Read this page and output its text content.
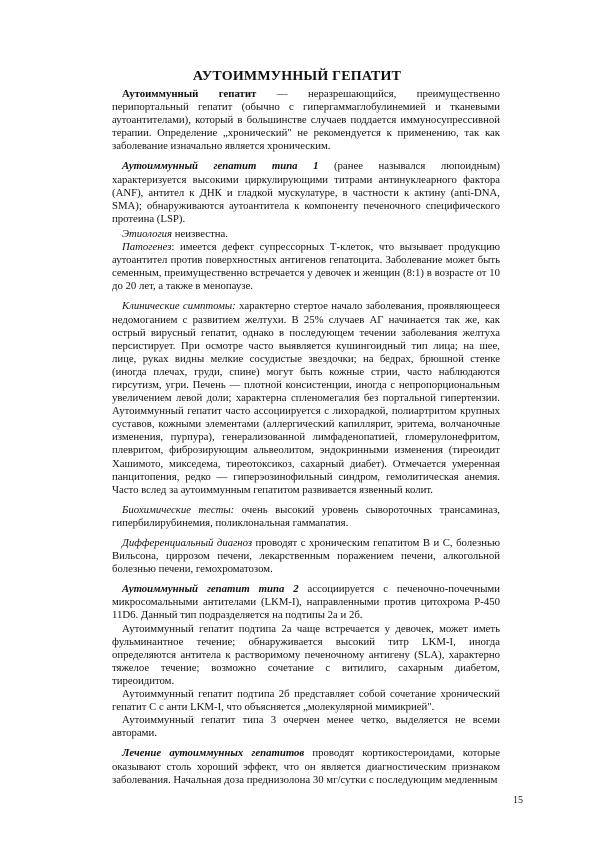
АУТОИММУННЫЙ ГЕПАТИТ

Аутоиммунный гепатит — неразрешающийся, преимущественно перипортальный гепатит (обычно с гипергаммаглобулинемией и тканевыми аутоантителами), который в большинстве случаев поддается иммуносупрессивной терапии. Определение „хронический" не рекомендуется к применению, так как заболевание изначально является хроническим.

Аутоиммунный гепатит типа 1 (ранее назывался люпоидным) характеризуется высокими циркулирующими титрами антинуклеарного фактора (ANF), антител к ДНК и гладкой мускулатуре, в частности к актину (anti-DNA, SMA); обнаруживаются аутоантитела к компоненту печеночного специфического протеина (LSP).

Этиология неизвестна.

Патогенез: имеется дефект супрессорных Т-клеток, что вызывает продукцию аутоантител против поверхностных антигенов гепатоцита. Заболевание может быть семенным, преимущественно встречается у девочек и женщин (8:1) в возрасте от 10 до 20 лет, а также в менопаузе.

Клинические симптомы: характерно стертое начало заболевания, проявляющееся недомоганием с развитием желтухи. В 25% случаев АГ начинается так же, как острый вирусный гепатит, однако в последующем течении заболевания желтуха персистирует. При осмотре часто выявляется кушингоидный тип лица; на шее, лице, руках видны мелкие сосудистые звездочки; на бедрах, брюшной стенке (иногда плечах, груди, спине) могут быть кожные стрии, часто наблюдаются гирсутизм, угри. Печень — плотной консистенции, иногда с непропорциональным увеличением левой доли; характерна спленомегалия без портальной гипертензии. Аутоиммунный гепатит часто ассоциируется с лихорадкой, полиартритом крупных суставов, кожными элементами (аллергический капиллярит, эритема, волчаночные изменения, пурпура), генерализованной лимфаденопатией, гломерулонефритом, плевритом, фиброзирующим альвеолитом, эндокринными изменения (тиреоидит Хашимото, микседема, тиреотоксикоз, сахарный диабет). Отмечается умеренная панцитопения, редко — гиперэозинофильный синдром, гемолитическая анемия. Часто вслед за аутоиммунным гепатитом развивается язвенный колит.

Биохимические тесты: очень высокий уровень сывороточных трансаминаз, гипербилирубинемия, поликлональная гаммапатия.

Дифференциальный диагноз проводят с хроническим гепатитом В и С, болезнью Вильсона, циррозом печени, лекарственным поражением печени, алкогольной болезнью печени, гемохроматозом.

Аутоиммунный гепатит типа 2 ассоциируется с печеночно-почечными микросомальными антителами (LKM-I), направленными против цитохрома Р-450 11D6. Данный тип подразделяется на подтипы 2а и 2б.

Аутоиммунный гепатит подтипа 2а чаще встречается у девочек, может иметь фульминантное течение; обнаруживается высокий титр LKM-I, иногда определяются антитела к растворимому печеночному антигену (SLA), характерно тяжелое течение; возможно сочетание с витилиго, сахарным диабетом, тиреоидитом.

Аутоиммунный гепатит подтипа 2б представляет собой сочетание хронический гепатит С с анти LKM-I, что объясняется „молекулярной мимикрией".

Аутоиммунный гепатит типа 3 очерчен менее четко, выделяется не всеми авторами.

Лечение аутоиммунных гепатитов проводят кортикостероидами, которые оказывают столь хороший эффект, что он является диагностическим признаком заболевания. Начальная доза преднизолона 30 мг/сутки с последующим медленным

15
